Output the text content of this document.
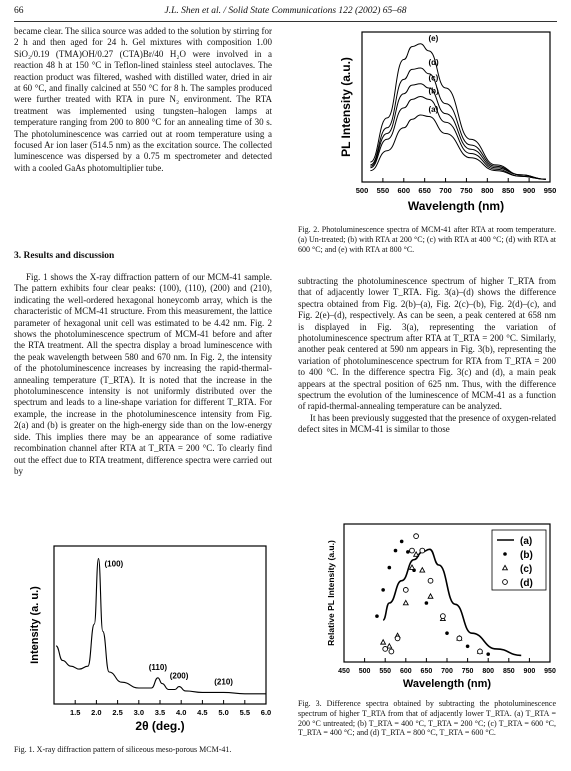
66	J.L. Shen et al. / Solid State Communications 122 (2002) 65–68

became clear. The silica source was added to the solution by stirring for 2 h and then aged for 24 h. Gel mixtures with composition 1.00 SiO₂/0.19 (TMA)OH/0.27 (CTA)Br/40 H₂O were involved in a reaction 48 h at 150 °C in Teflon-lined stainless steel autoclaves. The reaction product was filtered, washed with distilled water, dried in air at 60 °C, and finally calcined at 550 °C for 8 h. The samples produced were further treated with RTA in pure N₂ environment. The RTA treatment was implemented using tungsten–halogen lamps at temperature ranging from 200 to 800 °C for an annealing time of 30 s. The photoluminescence was carried out at room temperature using a focused Ar ion laser (514.5 nm) as the excitation source. The collected luminescence was dispersed by a 0.75 m spectrometer and detected with a cooled GaAs photomultiplier tube.

3. Results and discussion

Fig. 1 shows the X-ray diffraction pattern of our MCM-41 sample. The pattern exhibits four clear peaks: (100), (110), (200) and (210), indicating the well-ordered hexagonal honeycomb array, which is the characteristic of MCM-41 structure. From this measurement, the lattice parameter of hexagonal unit cell was estimated to be 4.42 nm. Fig. 2 shows the photoluminescence spectrum of MCM-41 before and after the RTA treatment. All the spectra display a broad luminescence with the peak wavelength between 580 and 670 nm. In Fig. 2, the intensity of the photoluminescence increases by increasing the rapid-thermal-annealing temperature (T_RTA). It is noted that the increase in the photoluminescence intensity is not uniformly distributed over the spectrum and leads to a line-shape variation for different T_RTA. For example, the increase in the photoluminescence intensity from Fig. 2(a) and (b) is greater on the high-energy side than on the low-energy side. This implies there may be an appearance of some radiative recombination channel after RTA at T_RTA = 200 °C. To clearly find out the effect due to RTA treatment, difference spectra were carried out by

1.5 2.0 2.5 3.0 3.5 4.0 4.5 5.0 5.5 6.0
2θ (deg.)
Intensity (a. u.)
(100)
(110)
(200)
(210)
Fig. 1. X-ray diffraction pattern of siliceous meso-porous MCM-41.
500 550 600 650 700 750 800 850 900 950
Wavelength (nm)
PL Intensity (a.u.)	(a)
(b)
(c)
(d)
(e)
Fig. 2. Photoluminescence spectra of MCM-41 after RTA at room temperature. (a) Un-treated; (b) with RTA at 200 °C; (c) with RTA at 400 °C; (d) with RTA at 600 °C; and (e) with RTA at 800 °C.

subtracting the photoluminescence spectrum of higher T_RTA from that of adjacently lower T_RTA. Fig. 3(a)–(d) shows the difference spectra obtained from Fig. 2(b)–(a), Fig. 2(c)–(b), Fig. 2(d)–(c), and Fig. 2(e)–(d), respectively. As can be seen, a peak centered at 658 nm is displayed in Fig. 3(a), representing the variation of photoluminescence spectrum after RTA at T_RTA = 200 °C. Similarly, another peak centered at 590 nm appears in Fig. 3(b), representing the variation of photoluminescence spectrum for RTA from T_RTA = 200 to 400 °C. In the difference spectra Fig. 3(c) and (d), a main peak appears at the spectral position of 625 nm. Thus, with the difference spectrum the evolution of the luminescence of MCM-41 as a function of rapid-thermal-annealing temperature can be analyzed.

It has been previously suggested that the presence of oxygen-related defect sites in MCM-41 is similar to those

450 500 550 600 650 700 750 800 850 900 950
Wavelength (nm)
Relative PL Intensity (a.u.)	(a)
(b)
(c)
(d)
Fig. 3. Difference spectra obtained by subtracting the photoluminescence spectrum of higher T_RTA from that of adjacently lower T_RTA. (a) T_RTA = 200 °C untreated; (b) T_RTA = 400 °C, T_RTA = 200 °C; (c) T_RTA = 600 °C, T_RTA = 400 °C; and (d) T_RTA = 800 °C, T_RTA = 600 °C.
